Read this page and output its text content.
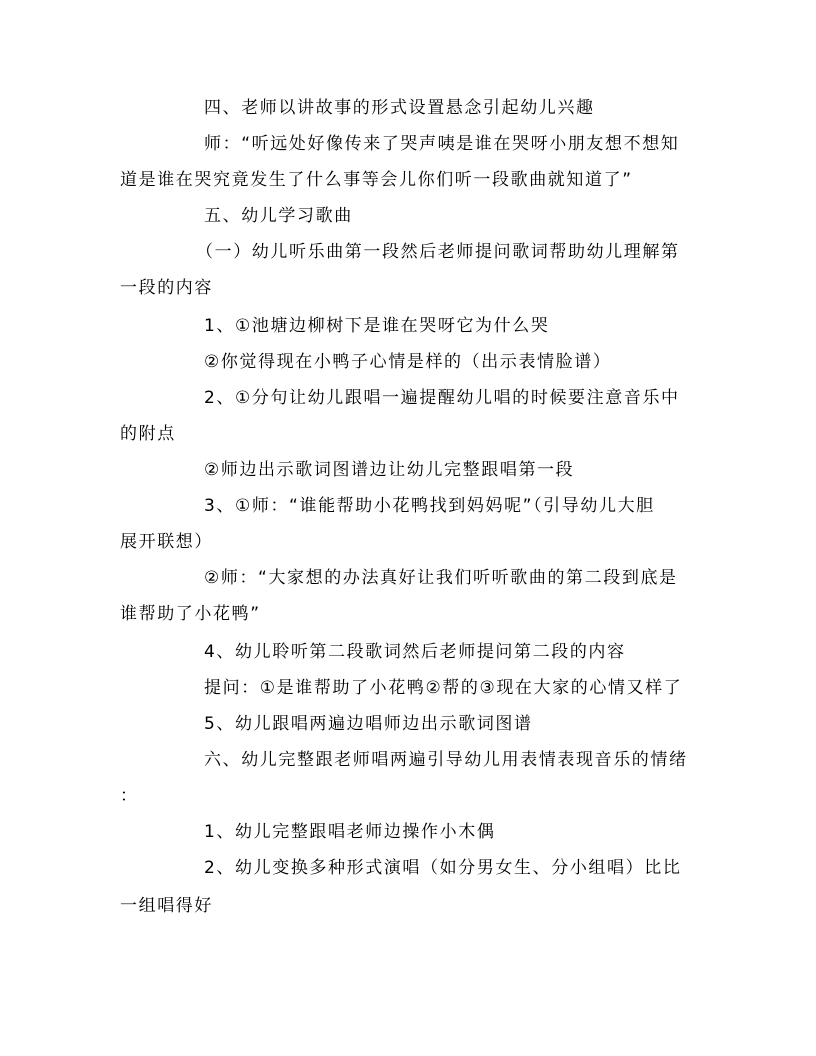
四、老师以讲故事的形式设置悬念引起幼儿兴趣
师：“听远处好像传来了哭声咦是谁在哭呀小朋友想不想知
道是谁在哭究竟发生了什么事等会儿你们听一段歌曲就知道了”
五、幼儿学习歌曲
（一）幼儿听乐曲第一段然后老师提问歌词帮助幼儿理解第
一段的内容
1、①池塘边柳树下是谁在哭呀它为什么哭
②你觉得现在小鸭子心情是样的（出示表情脸谱）
2、①分句让幼儿跟唱一遍提醒幼儿唱的时候要注意音乐中
的附点
②师边出示歌词图谱边让幼儿完整跟唱第一段
3、①师：“谁能帮助小花鸭找到妈妈呢”（引导幼儿大胆
展开联想）
②师：“大家想的办法真好让我们听听歌曲的第二段到底是
谁帮助了小花鸭”
4、幼儿聆听第二段歌词然后老师提问第二段的内容
提问：①是谁帮助了小花鸭②帮的③现在大家的心情又样了
5、幼儿跟唱两遍边唱师边出示歌词图谱
六、幼儿完整跟老师唱两遍引导幼儿用表情表现音乐的情绪
：
1、幼儿完整跟唱老师边操作小木偶
2、幼儿变换多种形式演唱（如分男女生、分小组唱）比比
一组唱得好
